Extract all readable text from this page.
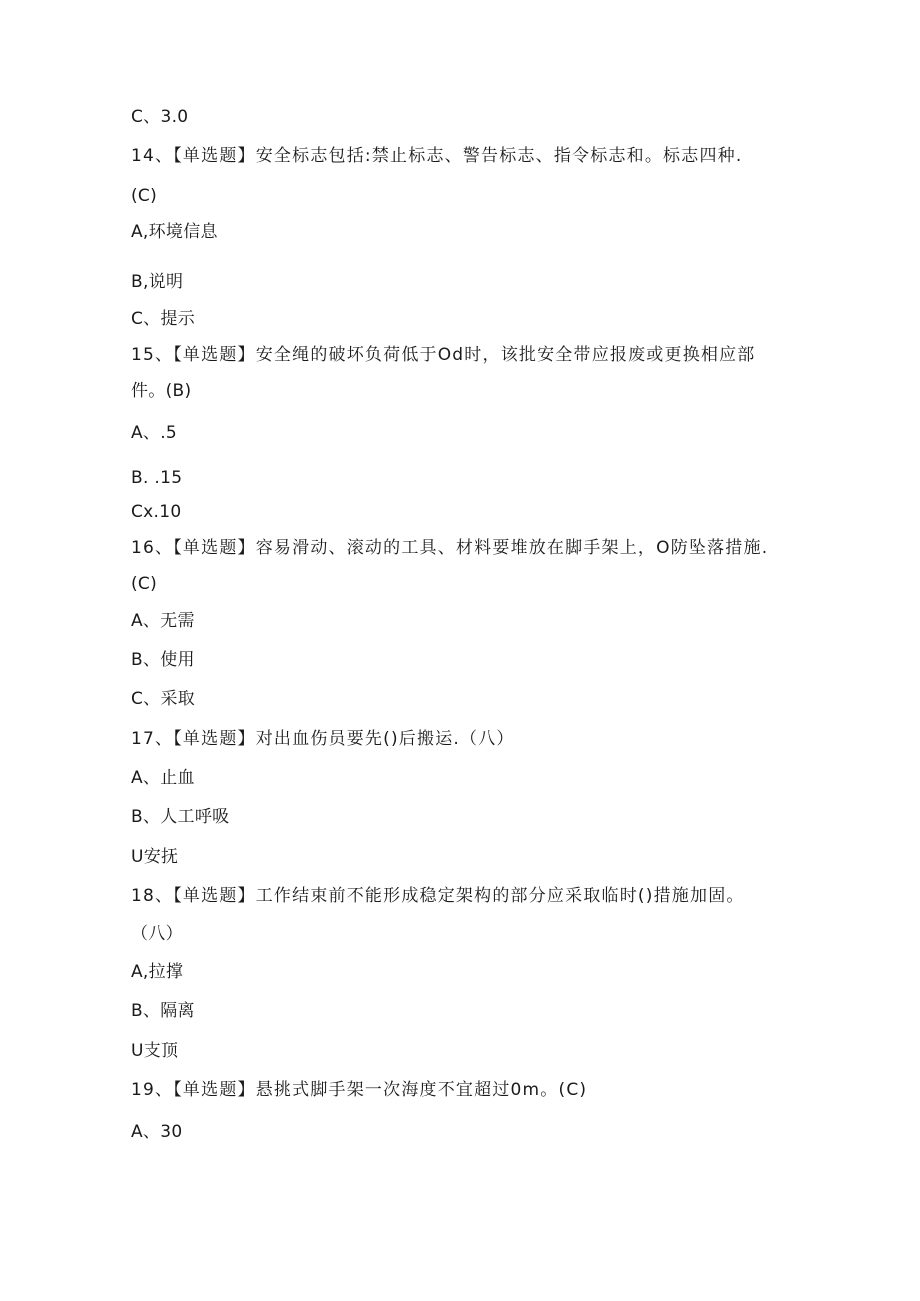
C、3.0
14、【单选题】安全标志包括:禁止标志、警告标志、指令标志和。标志四种.
(C)
A,环境信息
B,说明
C、提示
15、【单选题】安全绳的破坏负荷低于Od时，该批安全带应报废或更换相应部
件。(B)
A、.5
B. .15
Cx.10
16、【单选题】容易滑动、滚动的工具、材料要堆放在脚手架上，O防坠落措施.
(C)
A、无需
B、使用
C、采取
17、【单选题】对出血伤员要先()后搬运.（八）
A、止血
B、人工呼吸
U安抚
18、【单选题】工作结束前不能形成稳定架构的部分应采取临时()措施加固。
（八）
A,拉撑
B、隔离
U支顶
19、【单选题】悬挑式脚手架一次海度不宜超过0m。(C)
A、30
